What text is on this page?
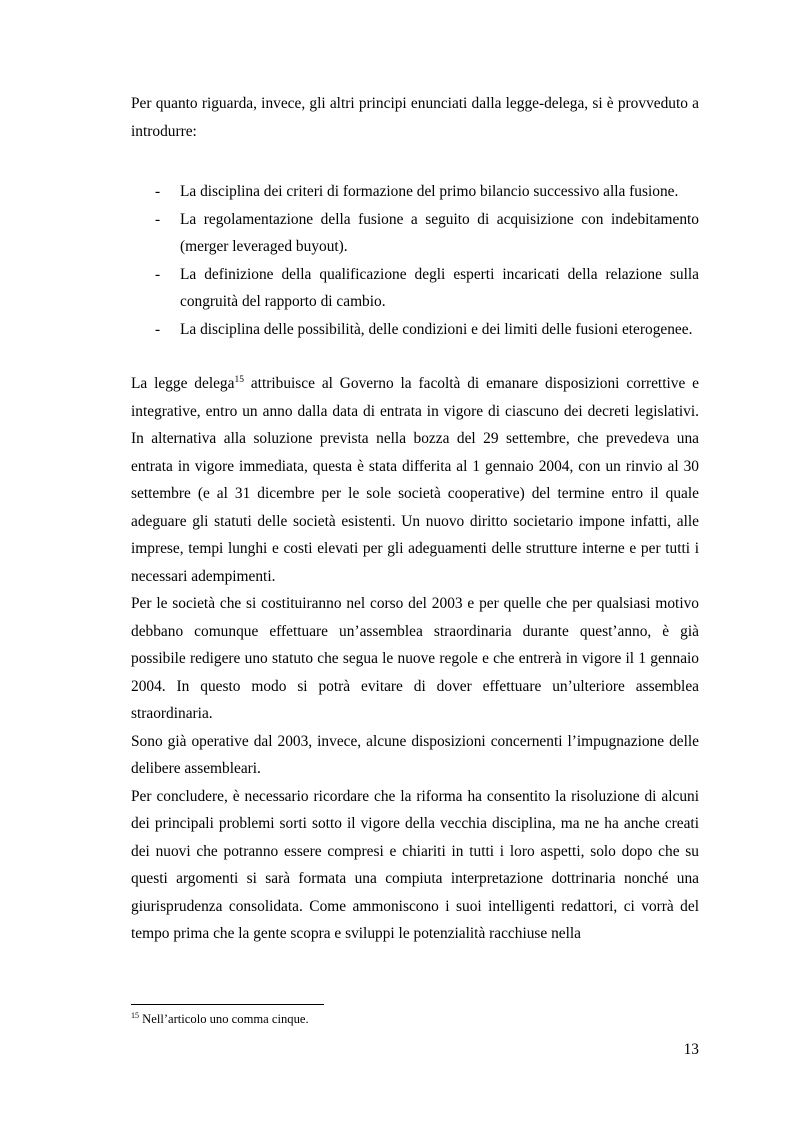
Per quanto riguarda, invece, gli altri principi enunciati dalla legge-delega, si è provveduto a introdurre:

- La disciplina dei criteri di formazione del primo bilancio successivo alla fusione.
- La regolamentazione della fusione a seguito di acquisizione con indebitamento (merger leveraged buyout).
- La definizione della qualificazione degli esperti incaricati della relazione sulla congruità del rapporto di cambio.
- La disciplina delle possibilità, delle condizioni e dei limiti delle fusioni eterogenee.

La legge delega$^{15}$ attribuisce al Governo la facoltà di emanare disposizioni correttive e integrative, entro un anno dalla data di entrata in vigore di ciascuno dei decreti legislativi. In alternativa alla soluzione prevista nella bozza del 29 settembre, che prevedeva una entrata in vigore immediata, questa è stata differita al 1 gennaio 2004, con un rinvio al 30 settembre (e al 31 dicembre per le sole società cooperative) del termine entro il quale adeguare gli statuti delle società esistenti. Un nuovo diritto societario impone infatti, alle imprese, tempi lunghi e costi elevati per gli adeguamenti delle strutture interne e per tutti i necessari adempimenti.

Per le società che si costituiranno nel corso del 2003 e per quelle che per qualsiasi motivo debbano comunque effettuare un’assemblea straordinaria durante quest’anno, è già possibile redigere uno statuto che segua le nuove regole e che entrerà in vigore il 1 gennaio 2004. In questo modo si potrà evitare di dover effettuare un’ulteriore assemblea straordinaria.

Sono già operative dal 2003, invece, alcune disposizioni concernenti l’impugnazione delle delibere assembleari.

Per concludere, è necessario ricordare che la riforma ha consentito la risoluzione di alcuni dei principali problemi sorti sotto il vigore della vecchia disciplina, ma ne ha anche creati dei nuovi che potranno essere compresi e chiariti in tutti i loro aspetti, solo dopo che su questi argomenti si sarà formata una compiuta interpretazione dottrinaria nonché una giurisprudenza consolidata. Come ammoniscono i suoi intelligenti redattori, ci vorrà del tempo prima che la gente scopra e sviluppi le potenzialità racchiuse nella

$^{15}$ Nell’articolo uno comma cinque.
13
